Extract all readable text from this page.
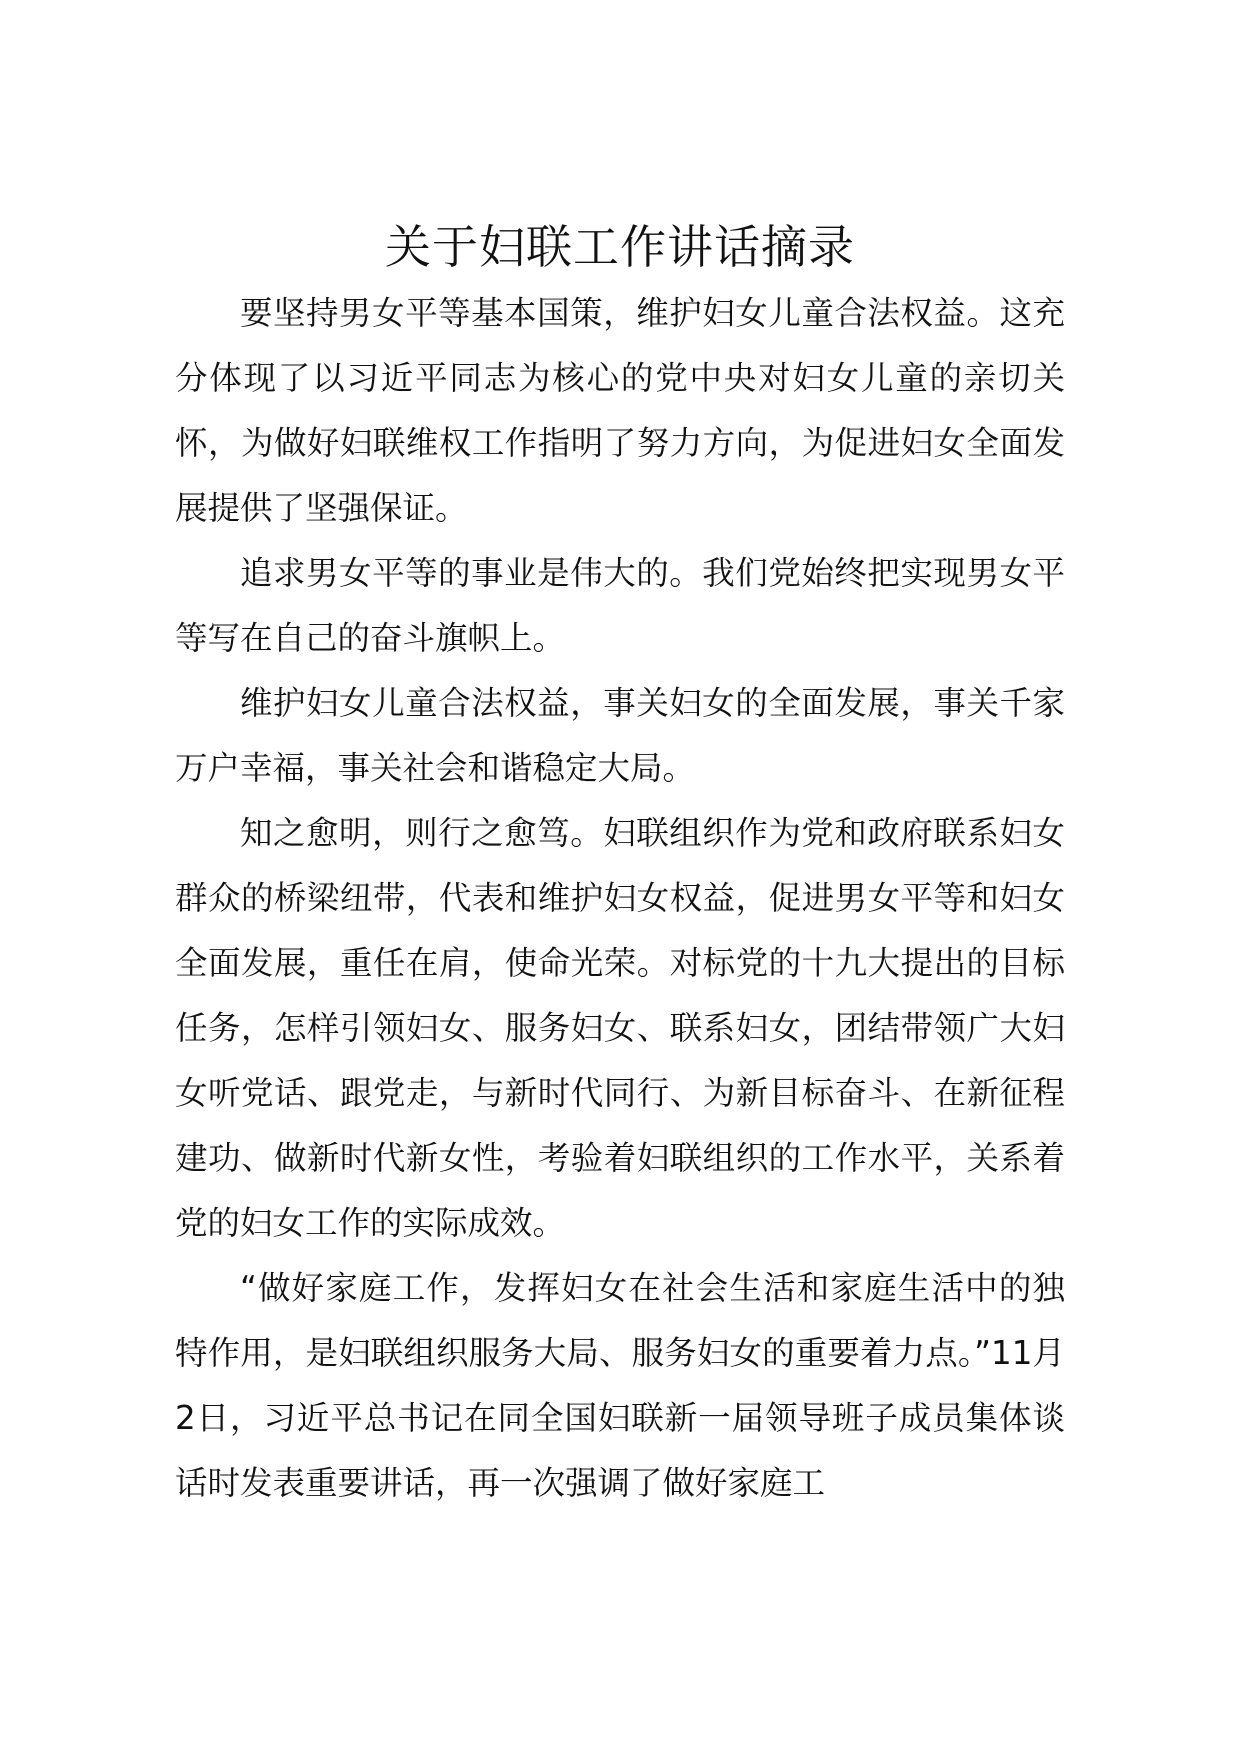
关于妇联工作讲话摘录

要坚持男女平等基本国策，维护妇女儿童合法权益。这充分体现了以习近平同志为核心的党中央对妇女儿童的亲切关怀，为做好妇联维权工作指明了努力方向，为促进妇女全面发展提供了坚强保证。

追求男女平等的事业是伟大的。我们党始终把实现男女平等写在自己的奋斗旗帜上。

维护妇女儿童合法权益，事关妇女的全面发展，事关千家万户幸福，事关社会和谐稳定大局。

知之愈明，则行之愈笃。妇联组织作为党和政府联系妇女群众的桥梁纽带，代表和维护妇女权益，促进男女平等和妇女全面发展，重任在肩，使命光荣。对标党的十九大提出的目标任务，怎样引领妇女、服务妇女、联系妇女，团结带领广大妇女听党话、跟党走，与新时代同行、为新目标奋斗、在新征程建功、做新时代新女性，考验着妇联组织的工作水平，关系着党的妇女工作的实际成效。

“做好家庭工作，发挥妇女在社会生活和家庭生活中的独特作用，是妇联组织服务大局、服务妇女的重要着力点。”11月2日，习近平总书记在同全国妇联新一届领导班子成员集体谈话时发表重要讲话，再一次强调了做好家庭工
